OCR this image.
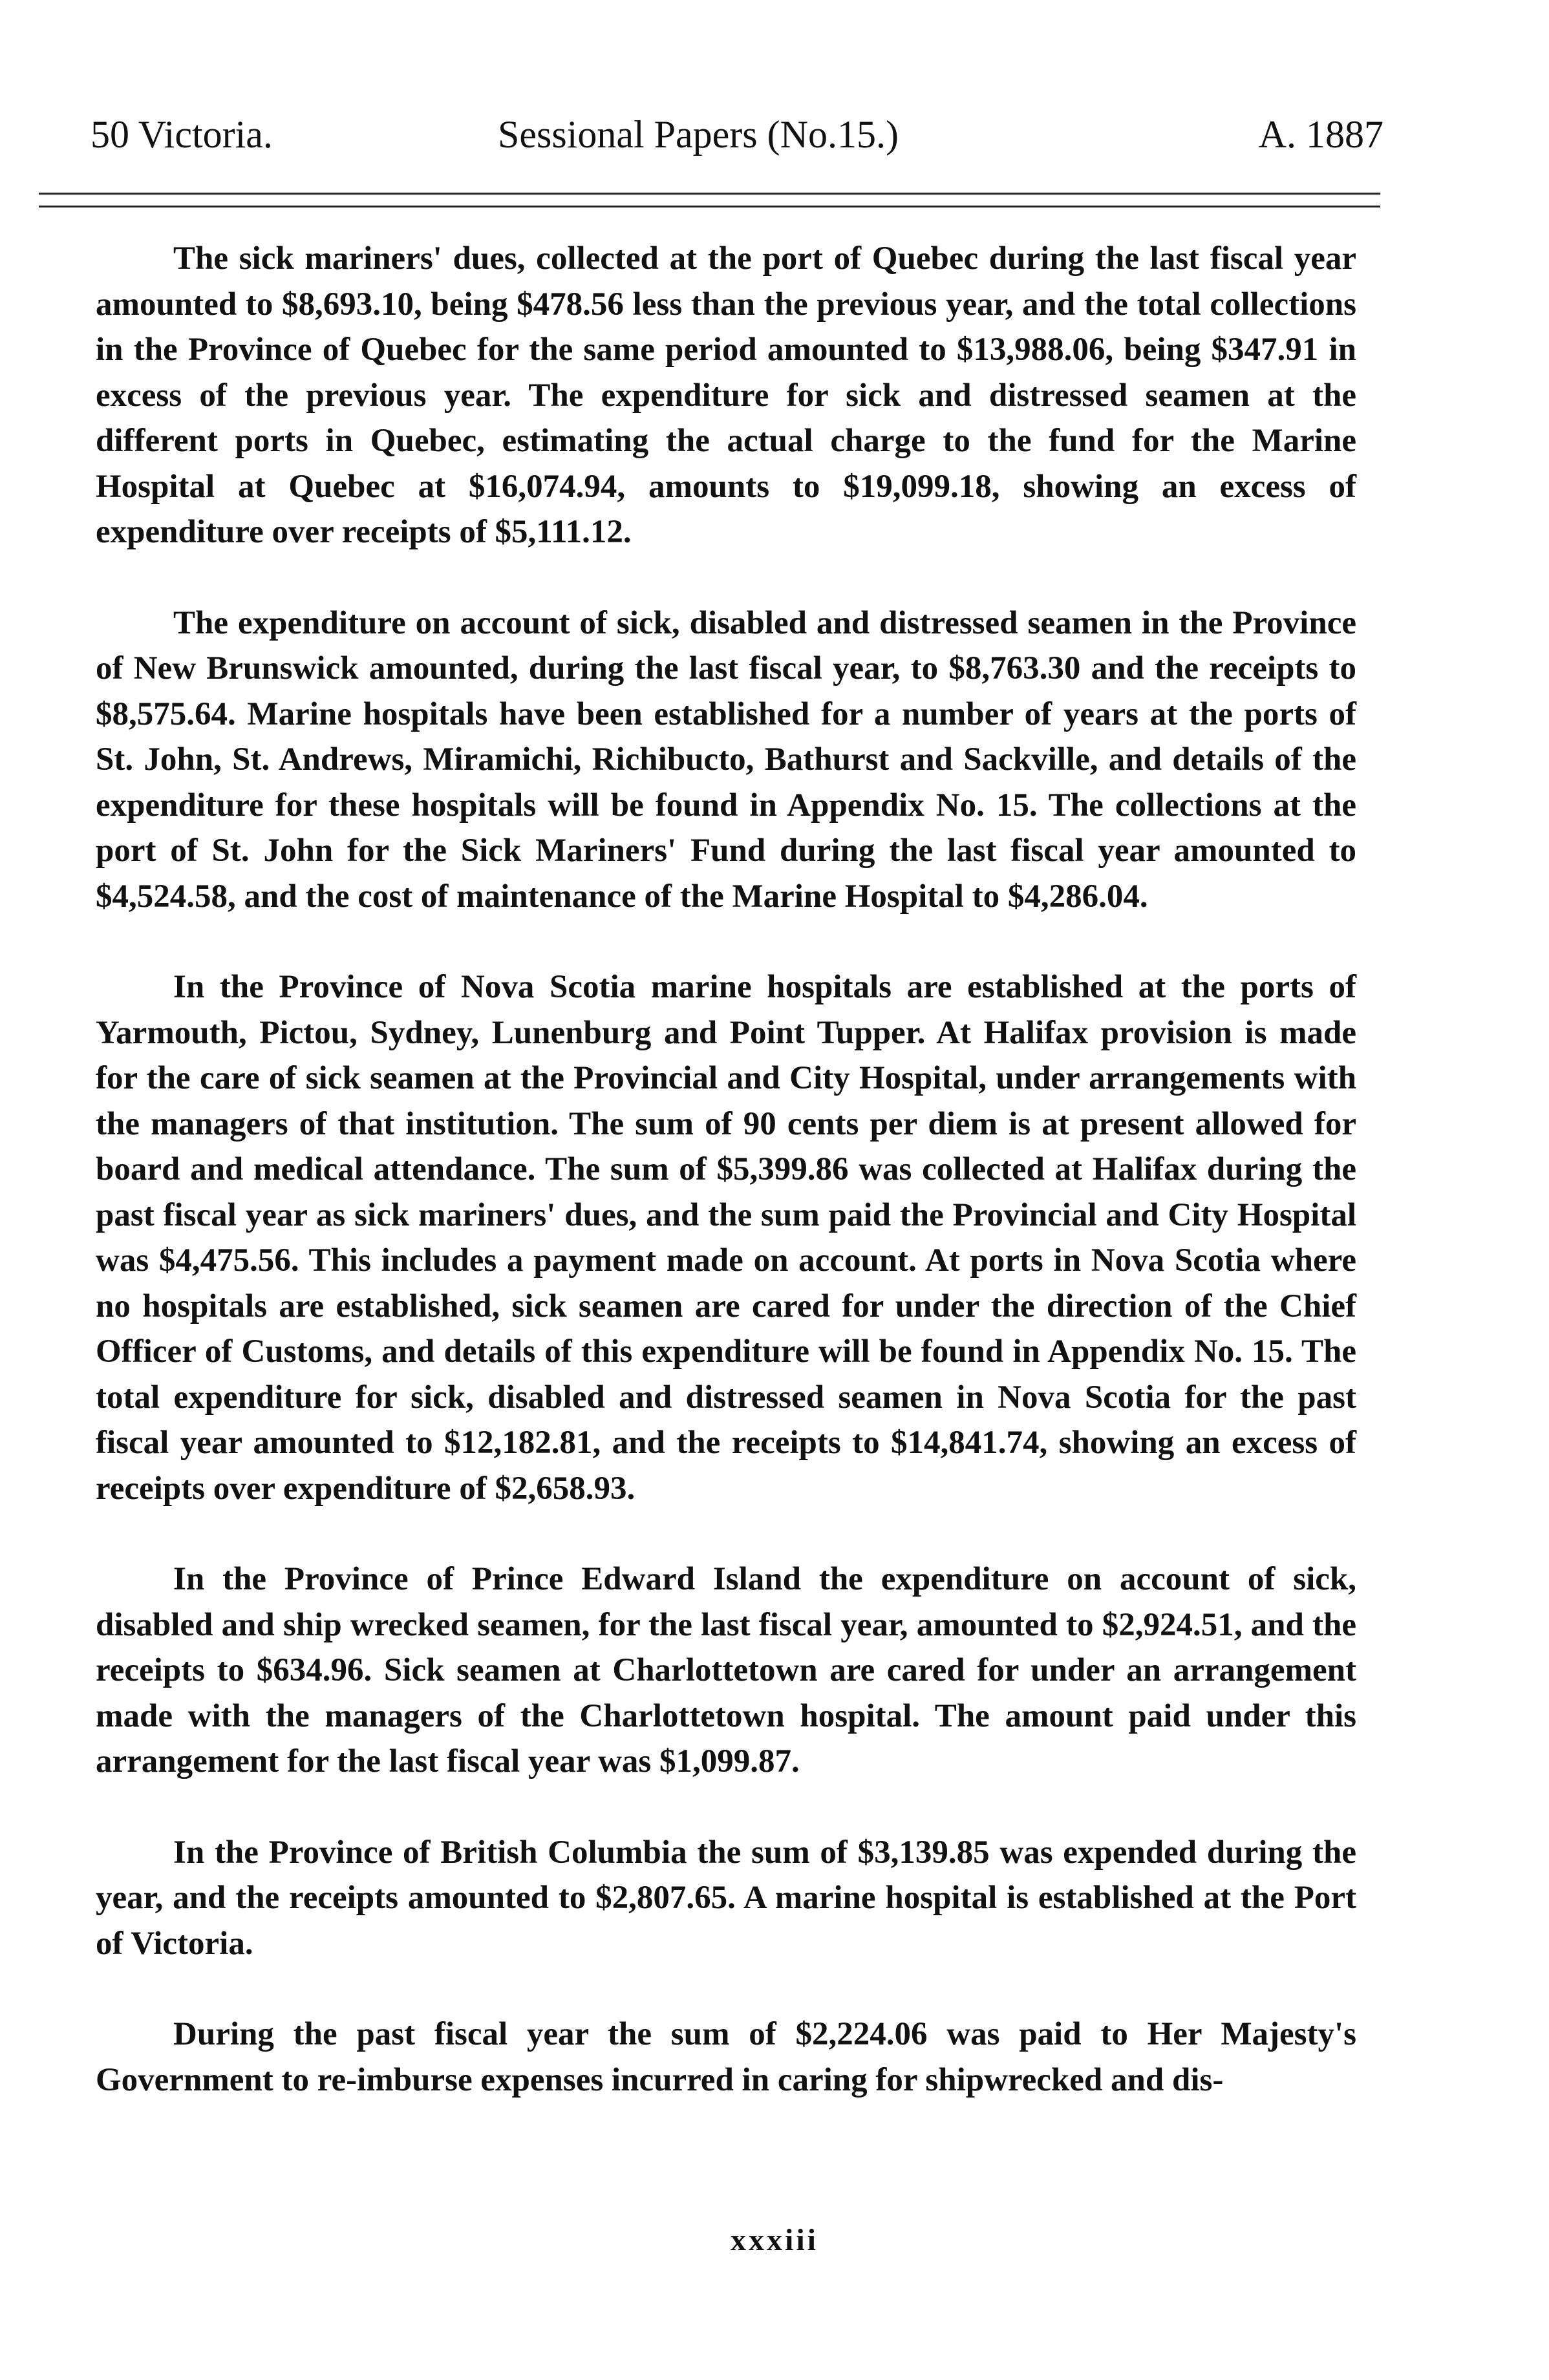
50 Victoria.	Sessional Papers (No.15.)	A. 1887

The sick mariners' dues, collected at the port of Quebec during the last fiscal year amounted to $8,693.10, being $478.56 less than the previous year, and the total collections in the Province of Quebec for the same period amounted to $13,988.06, being $347.91 in excess of the previous year. The expenditure for sick and distressed seamen at the different ports in Quebec, estimating the actual charge to the fund for the Marine Hospital at Quebec at $16,074.94, amounts to $19,099.18, showing an excess of expenditure over receipts of $5,111.12.

The expenditure on account of sick, disabled and distressed seamen in the Province of New Brunswick amounted, during the last fiscal year, to $8,763.30 and the receipts to $8,575.64. Marine hospitals have been established for a number of years at the ports of St. John, St. Andrews, Miramichi, Richibucto, Bathurst and Sackville, and details of the expenditure for these hospitals will be found in Appendix No. 15. The collections at the port of St. John for the Sick Mariners' Fund during the last fiscal year amounted to $4,524.58, and the cost of maintenance of the Marine Hospital to $4,286.04.

In the Province of Nova Scotia marine hospitals are established at the ports of Yarmouth, Pictou, Sydney, Lunenburg and Point Tupper. At Halifax provision is made for the care of sick seamen at the Provincial and City Hospital, under arrangements with the managers of that institution. The sum of 90 cents per diem is at present allowed for board and medical attendance. The sum of $5,399.86 was collected at Halifax during the past fiscal year as sick mariners' dues, and the sum paid the Provincial and City Hospital was $4,475.56. This includes a payment made on account. At ports in Nova Scotia where no hospitals are established, sick seamen are cared for under the direction of the Chief Officer of Customs, and details of this expenditure will be found in Appendix No. 15. The total expenditure for sick, disabled and distressed seamen in Nova Scotia for the past fiscal year amounted to $12,182.81, and the receipts to $14,841.74, showing an excess of receipts over expenditure of $2,658.93.

In the Province of Prince Edward Island the expenditure on account of sick, disabled and ship wrecked seamen, for the last fiscal year, amounted to $2,924.51, and the receipts to $634.96. Sick seamen at Charlottetown are cared for under an arrangement made with the managers of the Charlottetown hospital. The amount paid under this arrangement for the last fiscal year was $1,099.87.

In the Province of British Columbia the sum of $3,139.85 was expended during the year, and the receipts amounted to $2,807.65. A marine hospital is established at the Port of Victoria.

During the past fiscal year the sum of $2,224.06 was paid to Her Majesty's Government to re-imburse expenses incurred in caring for shipwrecked and dis-

xxxiii
